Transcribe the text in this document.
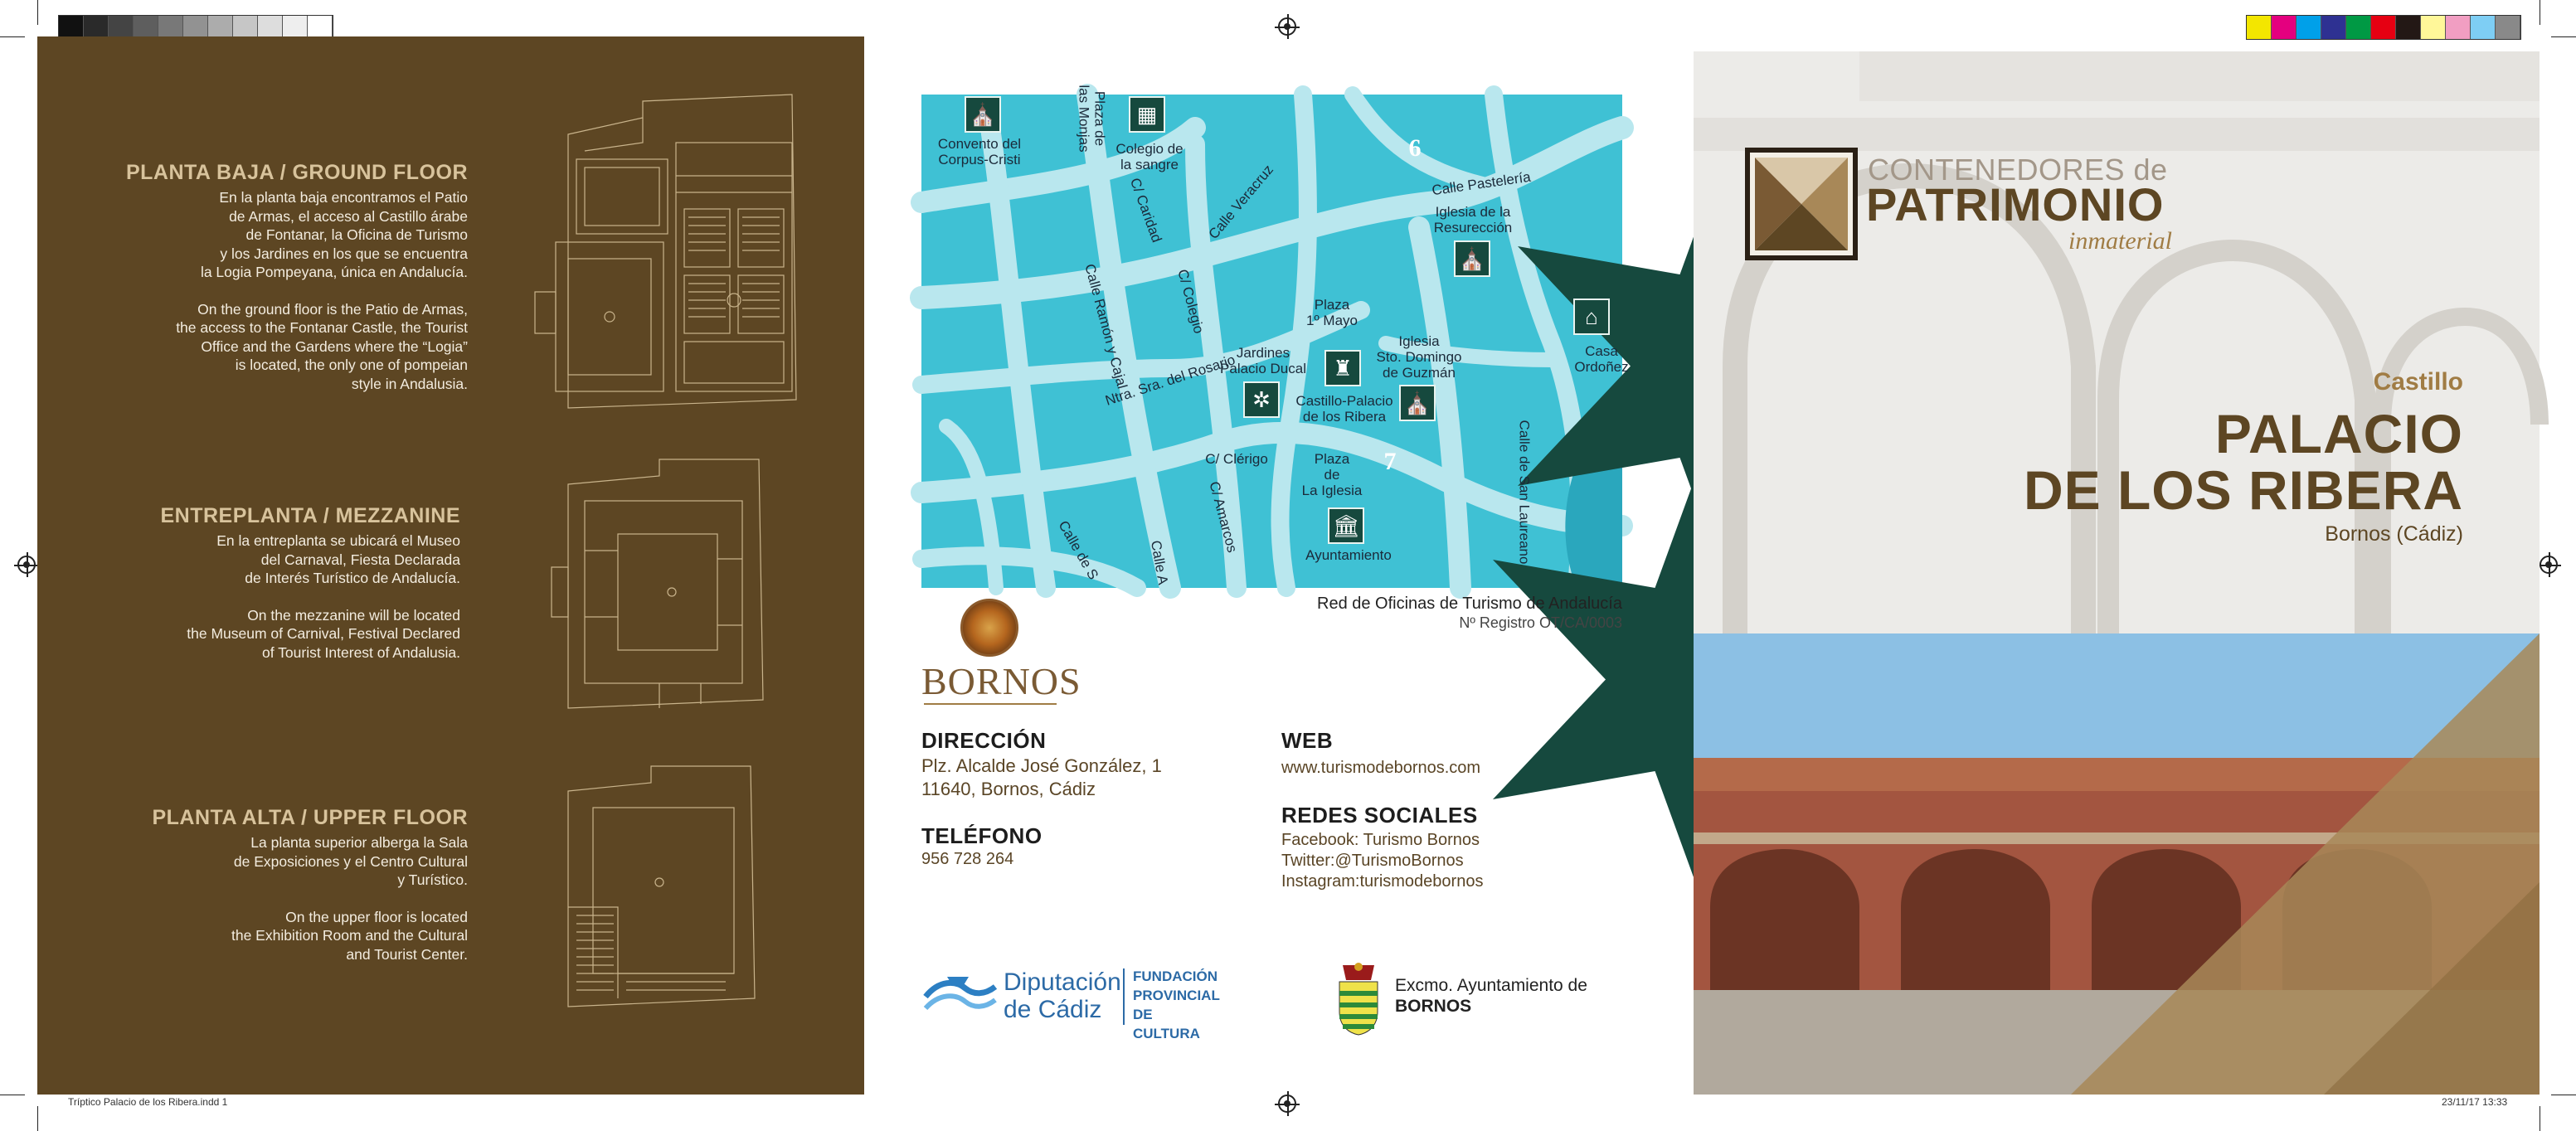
Tríptico Palacio de los Ribera.indd 1	23/11/17 13:33
PLANTA BAJA / GROUND FLOOR

En la planta baja encontramos el Patio
de Armas, el acceso al Castillo árabe
de Fontanar, la Oficina de Turismo
y los Jardines en los que se encuentra
la Logia Pompeyana, única en Andalucía.

On the ground floor is the Patio de Armas,
the access to the Fontanar Castle, the Tourist
Office and the Gardens where the “Logia”
is located, the only one of pompeian
style in Andalusia.

ENTREPLANTA / MEZZANINE

En la entreplanta se ubicará el Museo
del Carnaval, Fiesta Declarada
de Interés Turístico de Andalucía.

On the mezzanine will be located
the Museum of Carnival, Festival Declared
of Tourist Interest of Andalusia.

PLANTA ALTA / UPPER FLOOR

La planta superior alberga la Sala
de Exposiciones y el Centro Cultural
y Turístico.

On the upper floor is located
the Exhibition Room and the Cultural
and Tourist Center.

⛪
Convento del
Corpus-Cristi
Plaza de
las Monjas	▦
Colegio de
la sangre
6
Calle Pastelería
Iglesia de la
Resurección
⛪
C/ Caridad	Calle Veracruz
Calle Ramón y Cajal	C/ Colegio	Plaza
1º Mayo	⌂
Casa
Ordoñez
Ntra. Sra. del Rosario Jardines
Palacio Ducal
✲
♜
Castillo-Palacio
de los Ribera
Iglesia
Sto. Domingo
de Guzmán
⛪
C/ Clérigo	7
Plaza
de
La Iglesia
C/ Amarcos	Calle de San Laureano
🏛
Ayuntamiento
Calle de S	Calle A
Red de Oficinas de Turismo de Andalucía
Nº Registro OT/CA/0003
BORNOS
DIRECCIÓN
Plz. Alcalde José González, 1
11640, Bornos, Cádiz
TELÉFONO
956 728 264
WEB
www.turismodebornos.com
REDES SOCIALES
Facebook: Turismo Bornos
Twitter:@TurismoBornos
Instagram:turismodebornos
Diputación
de Cádiz
FUNDACIÓN
PROVINCIAL
DE CULTURA
Excmo. Ayuntamiento de
BORNOS
CONTENEDORES de
PATRIMONIO
inmaterial
Castillo
PALACIO
DE LOS RIBERA
Bornos (Cádiz)
